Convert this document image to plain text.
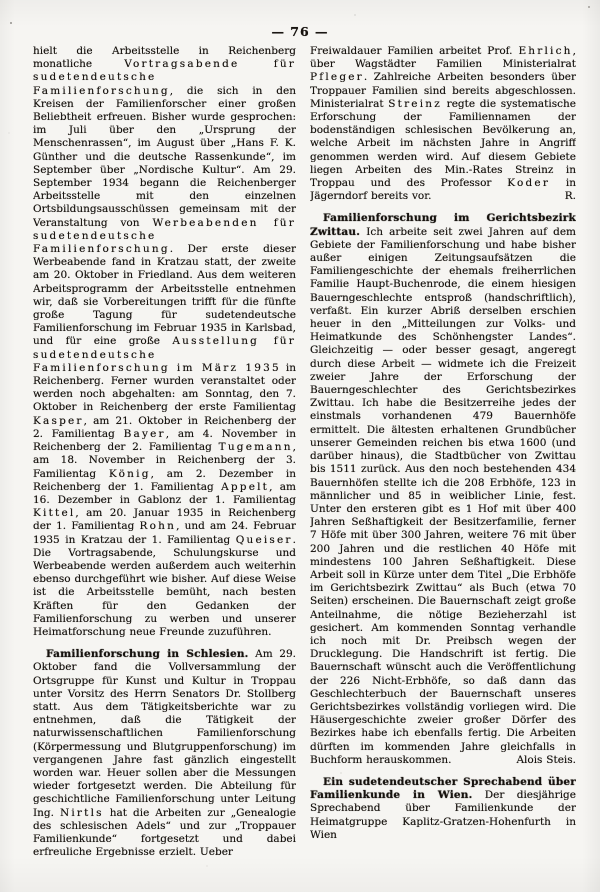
— 76 —

hielt die Arbeitsstelle in Reichenberg monatliche Vortragsabende für sudetendeutsche Familienforschung, die sich in den Kreisen der Familienforscher einer großen Beliebtheit erfreuen. Bisher wurde gesprochen: im Juli über den „Ursprung der Menschenrassen“, im August über „Hans F. K. Günther und die deutsche Rassenkunde“, im September über „Nordische Kultur“. Am 29. September 1934 begann die Reichenberger Arbeitsstelle mit den einzelnen Ortsbildungsausschüssen gemeinsam mit der Veranstaltung von Werbeabenden für sudetendeutsche Familienforschung. Der erste dieser Werbeabende fand in Kratzau statt, der zweite am 20. Oktober in Friedland. Aus dem weiteren Arbeitsprogramm der Arbeitsstelle entnehmen wir, daß sie Vorbereitungen trifft für die fünfte große Tagung für sudetendeutsche Familienforschung im Februar 1935 in Karlsbad, und für eine große Ausstellung für sudetendeutsche Familienforschung im März 1935 in Reichenberg. Ferner wurden veranstaltet oder werden noch abgehalten: am Sonntag, den 7. Oktober in Reichenberg der erste Familientag Kasper, am 21. Oktober in Reichenberg der 2. Familientag Bayer, am 4. November in Reichenberg der 2. Familientag Tugemann, am 18. November in Reichenberg der 3. Familientag König, am 2. Dezember in Reichenberg der 1. Familientag Appelt, am 16. Dezember in Gablonz der 1. Familientag Kittel, am 20. Januar 1935 in Reichenberg der 1. Familientag Rohn, und am 24. Februar 1935 in Kratzau der 1. Familientag Queiser. Die Vortragsabende, Schulungskurse und Werbeabende werden außerdem auch weiterhin ebenso durchgeführt wie bisher. Auf diese Weise ist die Arbeitsstelle bemüht, nach besten Kräften für den Gedanken der Familienforschung zu werben und unserer Heimatforschung neue Freunde zuzuführen.

Familienforschung in Schlesien. Am 29. Oktober fand die Vollversammlung der Ortsgruppe für Kunst und Kultur in Troppau unter Vorsitz des Herrn Senators Dr. Stollberg statt. Aus dem Tätigkeitsberichte war zu entnehmen, daß die Tätigkeit der naturwissenschaftlichen Familienforschung (Körpermessung und Blutgruppenforschung) im vergangenen Jahre fast gänzlich eingestellt worden war. Heuer sollen aber die Messungen wieder fortgesetzt werden. Die Abteilung für geschichtliche Familienforschung unter Leitung Ing. Nirtls hat die Arbeiten zur „Genealogie des schlesischen Adels“ und zur „Troppauer Familienkunde“ fortgesetzt und dabei erfreuliche Ergebnisse erzielt. Ueber

Freiwaldauer Familien arbeitet Prof. Ehrlich, über Wagstädter Familien Ministerialrat Pfleger. Zahlreiche Arbeiten besonders über Troppauer Familien sind bereits abgeschlossen. Ministerialrat Streinz regte die systematische Erforschung der Familiennamen der bodenständigen schlesischen Bevölkerung an, welche Arbeit im nächsten Jahre in Angriff genommen werden wird. Auf diesem Gebiete liegen Arbeiten des Min.-Rates Streinz in Troppau und des Professor Koder in Jägerndorf bereits vor.	R.

Familienforschung im Gerichtsbezirk Zwittau. Ich arbeite seit zwei Jahren auf dem Gebiete der Familienforschung und habe bisher außer einigen Zeitungsaufsätzen die Familiengeschichte der ehemals freiherrlichen Familie Haupt-Buchenrode, die einem hiesigen Bauerngeschlechte entsproß (handschriftlich), verfaßt. Ein kurzer Abriß derselben erschien heuer in den „Mitteilungen zur Volks- und Heimatkunde des Schönhengster Landes“. Gleichzeitig — oder besser gesagt, angeregt durch diese Arbeit — widmete ich die Freizeit zweier Jahre der Erforschung der Bauerngeschlechter des Gerichtsbezirkes Zwittau. Ich habe die Besitzerreihe jedes der einstmals vorhandenen 479 Bauernhöfe ermittelt. Die ältesten erhaltenen Grundbücher unserer Gemeinden reichen bis etwa 1600 (und darüber hinaus), die Stadtbücher von Zwittau bis 1511 zurück. Aus den noch bestehenden 434 Bauernhöfen stellte ich die 208 Erbhöfe, 123 in männlicher und 85 in weiblicher Linie, fest. Unter den ersteren gibt es 1 Hof mit über 400 Jahren Seßhaftigkeit der Besitzerfamilie, ferner 7 Höfe mit über 300 Jahren, weitere 76 mit über 200 Jahren und die restlichen 40 Höfe mit mindestens 100 Jahren Seßhaftigkeit. Diese Arbeit soll in Kürze unter dem Titel „Die Erbhöfe im Gerichtsbezirk Zwittau“ als Buch (etwa 70 Seiten) erscheinen. Die Bauernschaft zeigt große Anteilnahme, die nötige Bezieherzahl ist gesichert. Am kommenden Sonntag verhandle ich noch mit Dr. Preibsch wegen der Drucklegung. Die Handschrift ist fertig. Die Bauernschaft wünscht auch die Veröffentlichung der 226 Nicht-Erbhöfe, so daß dann das Geschlechterbuch der Bauernschaft unseres Gerichtsbezirkes vollständig vorliegen wird. Die Häusergeschichte zweier großer Dörfer des Bezirkes habe ich ebenfalls fertig. Die Arbeiten dürften im kommenden Jahre gleichfalls in Buchform herauskommen.	Alois Steis.

Ein sudetendeutscher Sprechabend über Familienkunde in Wien. Der diesjährige Sprechabend über Familienkunde der Heimatgruppe Kaplitz-Gratzen-Hohenfurth in Wien
